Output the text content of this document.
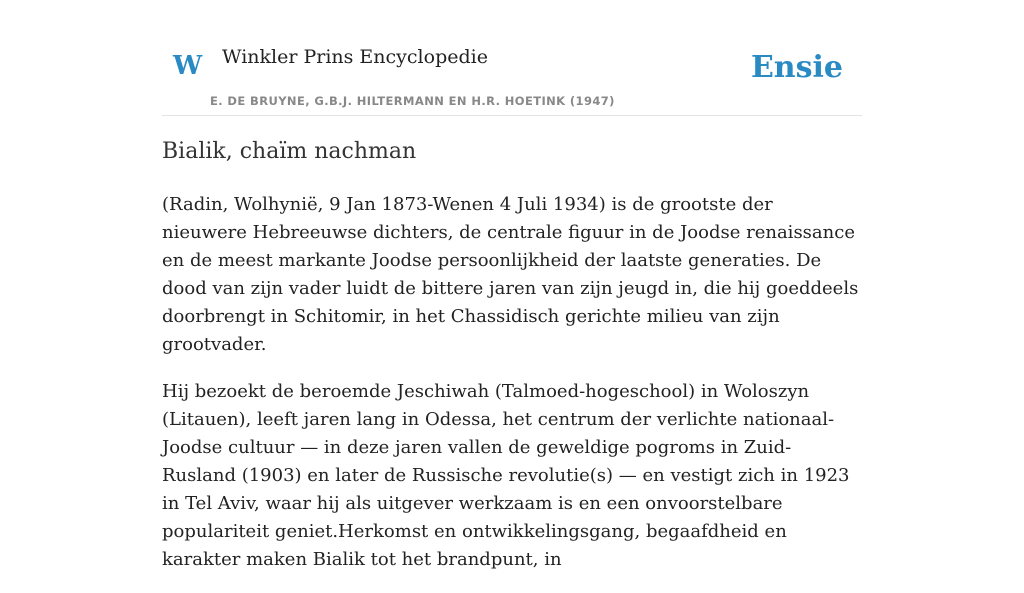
W Winkler Prins Encyclopedie
E. DE BRUYNE, G.B.J. HILTERMANN EN H.R. HOETINK (1947)
Ensie
Bialik, chaïm nachman

(Radin, Wolhynië, 9 Jan 1873-Wenen 4 Juli 1934) is de grootste der nieuwere Hebreeuwse dichters, de centrale figuur in de Joodse renaissance en de meest markante Joodse persoonlijkheid der laatste generaties. De dood van zijn vader luidt de bittere jaren van zijn jeugd in, die hij goeddeels doorbrengt in Schitomir, in het Chassidisch gerichte milieu van zijn grootvader.

Hij bezoekt de beroemde Jeschiwah (Talmoed-hogeschool) in Woloszyn (Litauen), leeft jaren lang in Odessa, het centrum der verlichte nationaal-Joodse cultuur — in deze jaren vallen de geweldige pogroms in Zuid-Rusland (1903) en later de Russische revolutie(s) — en vestigt zich in 1923 in Tel Aviv, waar hij als uitgever werkzaam is en een onvoorstelbare populariteit geniet.Herkomst en ontwikkelingsgang, begaafdheid en karakter maken Bialik tot het brandpunt, in
